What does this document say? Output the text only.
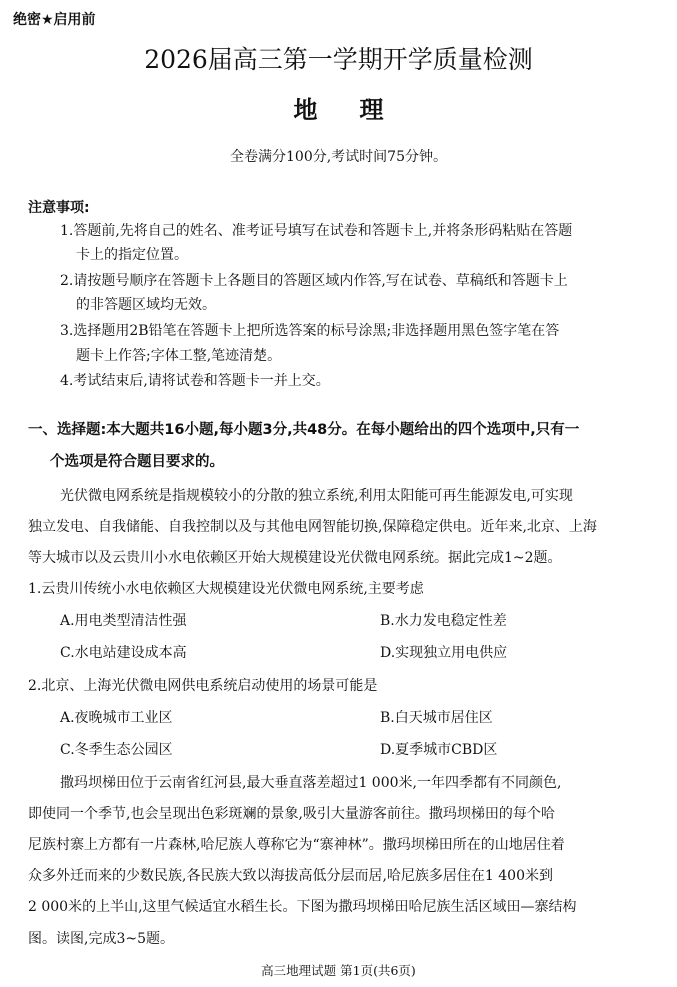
绝密★启用前
2026届高三第一学期开学质量检测
地理
全卷满分100分,考试时间75分钟。
注意事项:
1.答题前,先将自己的姓名、准考证号填写在试卷和答题卡上,并将条形码粘贴在答题
卡上的指定位置。
2.请按题号顺序在答题卡上各题目的答题区域内作答,写在试卷、草稿纸和答题卡上
的非答题区域均无效。
3.选择题用2B铅笔在答题卡上把所选答案的标号涂黑;非选择题用黑色签字笔在答
题卡上作答;字体工整,笔迹清楚。
4.考试结束后,请将试卷和答题卡一并上交。
一、选择题:本大题共16小题,每小题3分,共48分。在每小题给出的四个选项中,只有一
个选项是符合题目要求的。
光伏微电网系统是指规模较小的分散的独立系统,利用太阳能可再生能源发电,可实现
独立发电、自我储能、自我控制以及与其他电网智能切换,保障稳定供电。近年来,北京、上海
等大城市以及云贵川小水电依赖区开始大规模建设光伏微电网系统。据此完成1~2题。
1.云贵川传统小水电依赖区大规模建设光伏微电网系统,主要考虑
A.用电类型清洁性强	B.水力发电稳定性差
C.水电站建设成本高	D.实现独立用电供应
2.北京、上海光伏微电网供电系统启动使用的场景可能是
A.夜晚城市工业区	B.白天城市居住区
C.冬季生态公园区	D.夏季城市CBD区
撒玛坝梯田位于云南省红河县,最大垂直落差超过1 000米,一年四季都有不同颜色,
即使同一个季节,也会呈现出色彩斑斓的景象,吸引大量游客前往。撒玛坝梯田的每个哈
尼族村寨上方都有一片森林,哈尼族人尊称它为“寨神林”。撒玛坝梯田所在的山地居住着
众多外迁而来的少数民族,各民族大致以海拔高低分层而居,哈尼族多居住在1 400米到
2 000米的上半山,这里气候适宜水稻生长。下图为撒玛坝梯田哈尼族生活区域田—寨结构
图。读图,完成3~5题。
高三地理试题 第1页(共6页)
